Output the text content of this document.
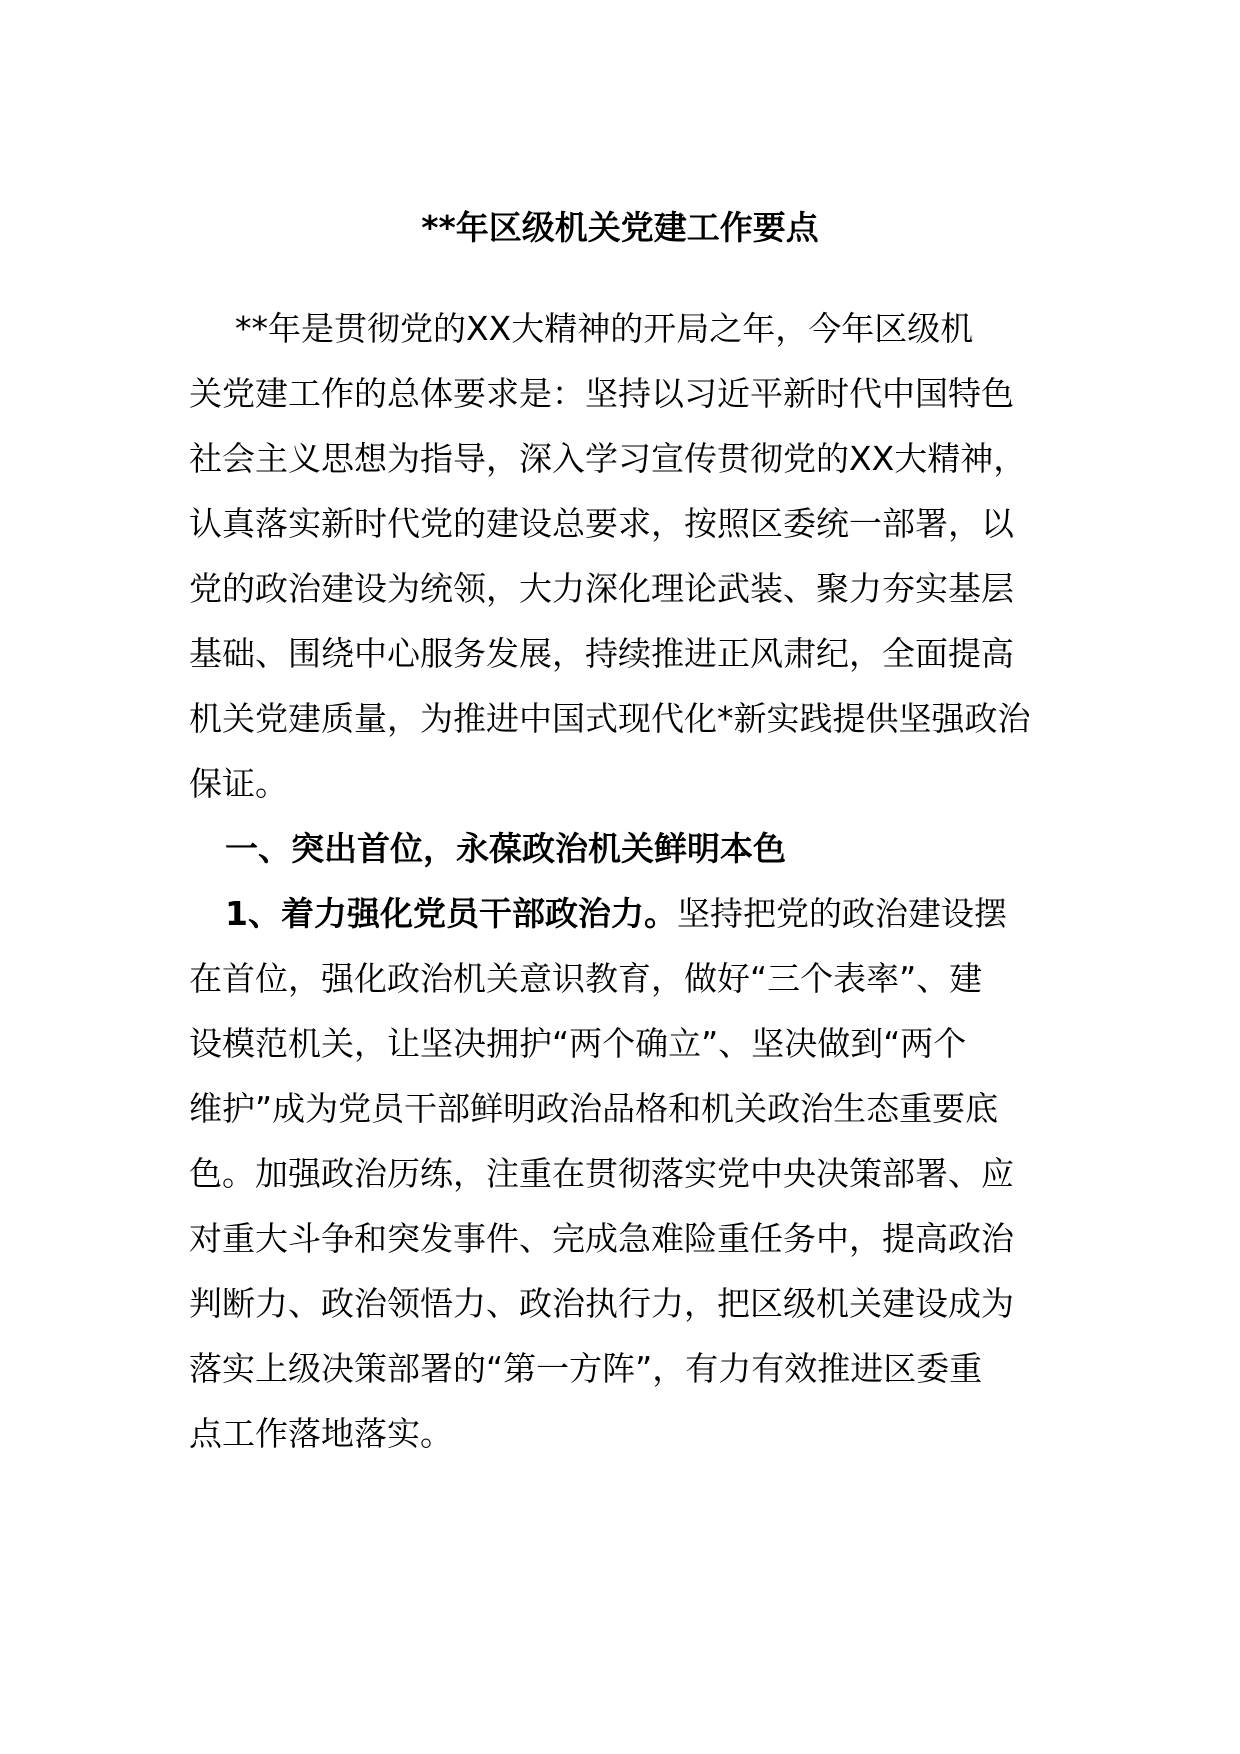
**年区级机关党建工作要点
**年是贯彻党的XX大精神的开局之年，今年区级机
关党建工作的总体要求是：坚持以习近平新时代中国特色
社会主义思想为指导，深入学习宣传贯彻党的XX大精神，
认真落实新时代党的建设总要求，按照区委统一部署，以
党的政治建设为统领，大力深化理论武装、聚力夯实基层
基础、围绕中心服务发展，持续推进正风肃纪，全面提高
机关党建质量，为推进中国式现代化*新实践提供坚强政治
保证。
一、突出首位，永葆政治机关鲜明本色
1、着力强化党员干部政治力。坚持把党的政治建设摆
在首位，强化政治机关意识教育，做好“三个表率”、建
设模范机关，让坚决拥护“两个确立”、坚决做到“两个
维护”成为党员干部鲜明政治品格和机关政治生态重要底
色。加强政治历练，注重在贯彻落实党中央决策部署、应
对重大斗争和突发事件、完成急难险重任务中，提高政治
判断力、政治领悟力、政治执行力，把区级机关建设成为
落实上级决策部署的“第一方阵”，有力有效推进区委重
点工作落地落实。
